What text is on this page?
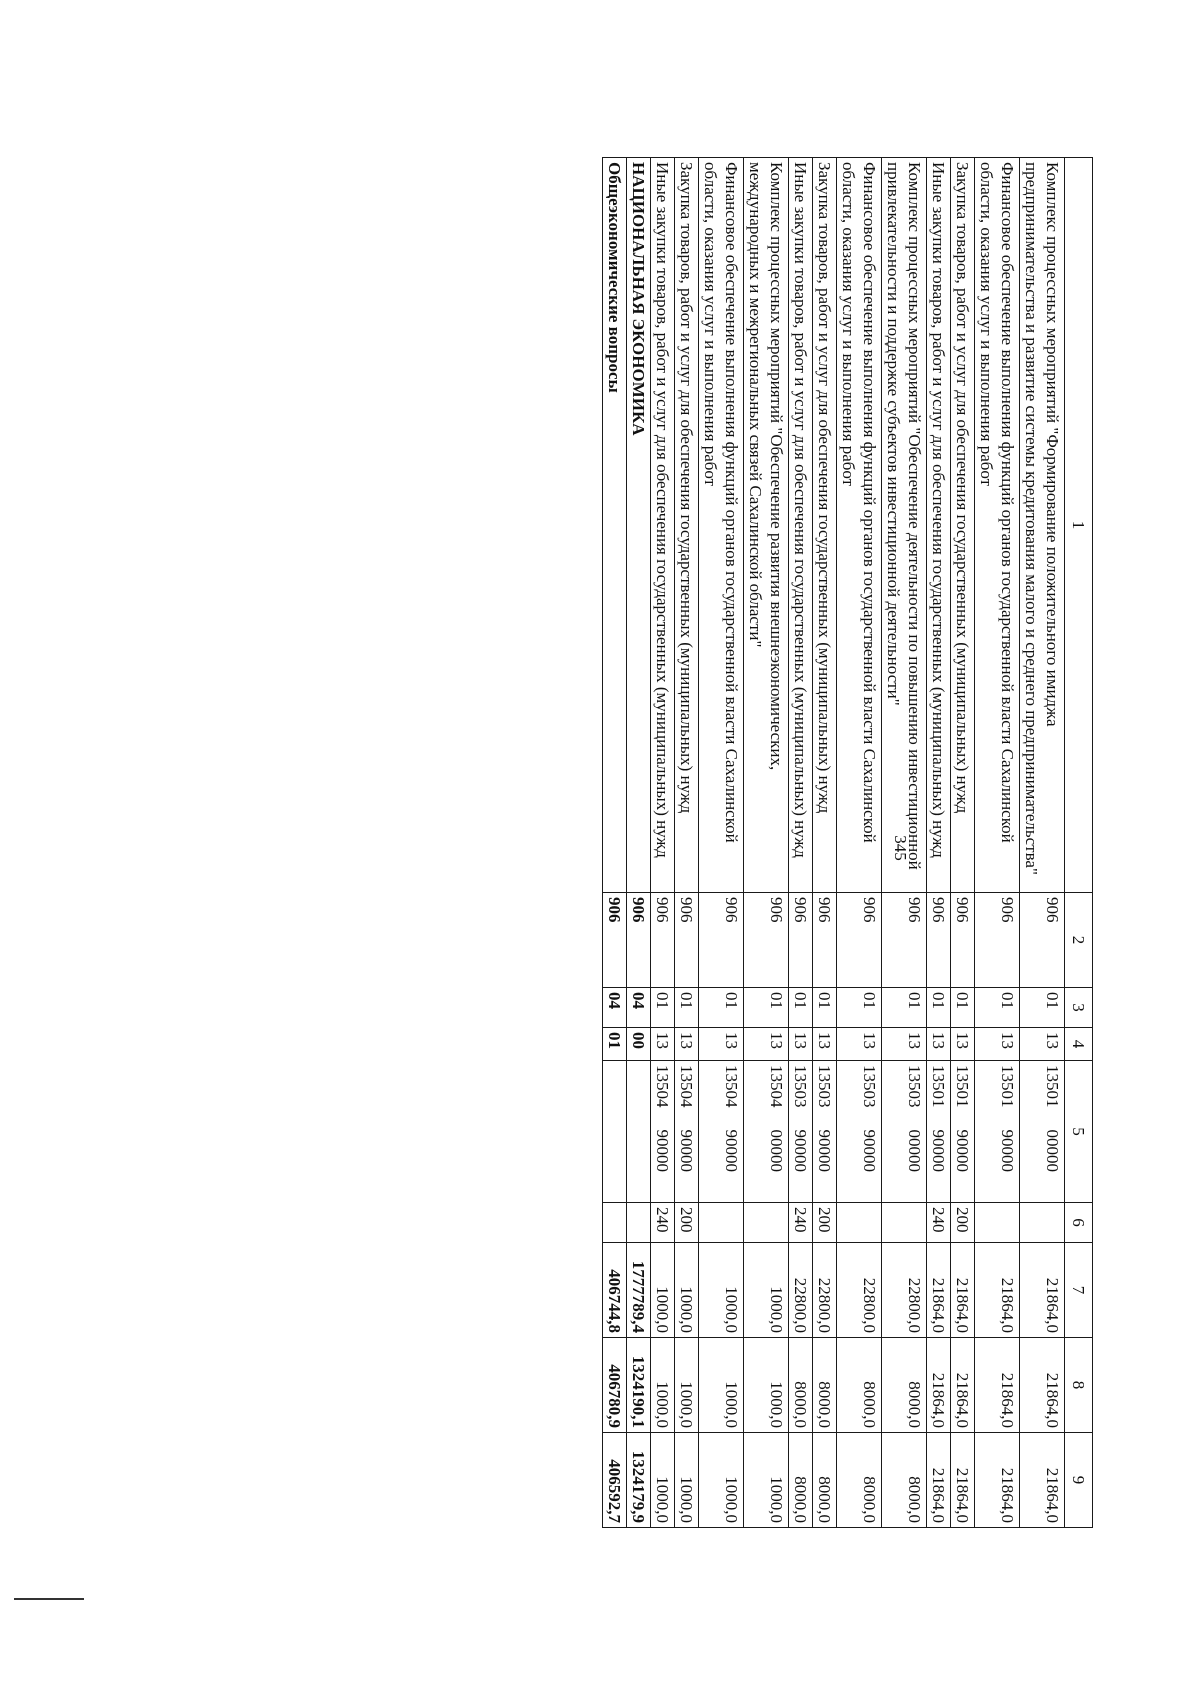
345
1	2	3	4	5	6	7	8	9
Комплекс процессных мероприятий "Формирование положительного имиджа предпринимательства и развитие системы кредитования малого и среднего предпринимательства"	906	01	13	1350100000		21864,0	21864,0	21864,0
Финансовое обеспечение выполнения функций органов государственной власти Сахалинской области, оказания услуг и выполнения работ	906	01	13	1350190000		21864,0	21864,0	21864,0
Закупка товаров, работ и услуг для обеспечения государственных (муниципальных) нужд	906	01	13	1350190000	200	21864,0	21864,0	21864,0
Иные закупки товаров, работ и услуг для обеспечения государственных (муниципальных) нужд	906	01	13	1350190000	240	21864,0	21864,0	21864,0
Комплекс процессных мероприятий "Обеспечение деятельности по повышению инвестиционной привлекательности и поддержке субъектов инвестиционной деятельности"	906	01	13	1350300000		22800,0	8000,0	8000,0
Финансовое обеспечение выполнения функций органов государственной власти Сахалинской области, оказания услуг и выполнения работ	906	01	13	1350390000		22800,0	8000,0	8000,0
Закупка товаров, работ и услуг для обеспечения государственных (муниципальных) нужд	906	01	13	1350390000	200	22800,0	8000,0	8000,0
Иные закупки товаров, работ и услуг для обеспечения государственных (муниципальных) нужд	906	01	13	1350390000	240	22800,0	8000,0	8000,0
Комплекс процессных мероприятий "Обеспечение развития внешнеэкономических, международных и межрегиональных связей Сахалинской области"	906	01	13	1350400000		1000,0	1000,0	1000,0
Финансовое обеспечение выполнения функций органов государственной власти Сахалинской области, оказания услуг и выполнения работ	906	01	13	1350490000		1000,0	1000,0	1000,0
Закупка товаров, работ и услуг для обеспечения государственных (муниципальных) нужд	906	01	13	1350490000	200	1000,0	1000,0	1000,0
Иные закупки товаров, работ и услуг для обеспечения государственных (муниципальных) нужд	906	01	13	1350490000	240	1000,0	1000,0	1000,0
НАЦИОНАЛЬНАЯ ЭКОНОМИКА	906	04	00			1777789,4	1324190,1	1324179,9
Общеэкономические вопросы	906	04	01			406744,8	406780,9	406592,7
